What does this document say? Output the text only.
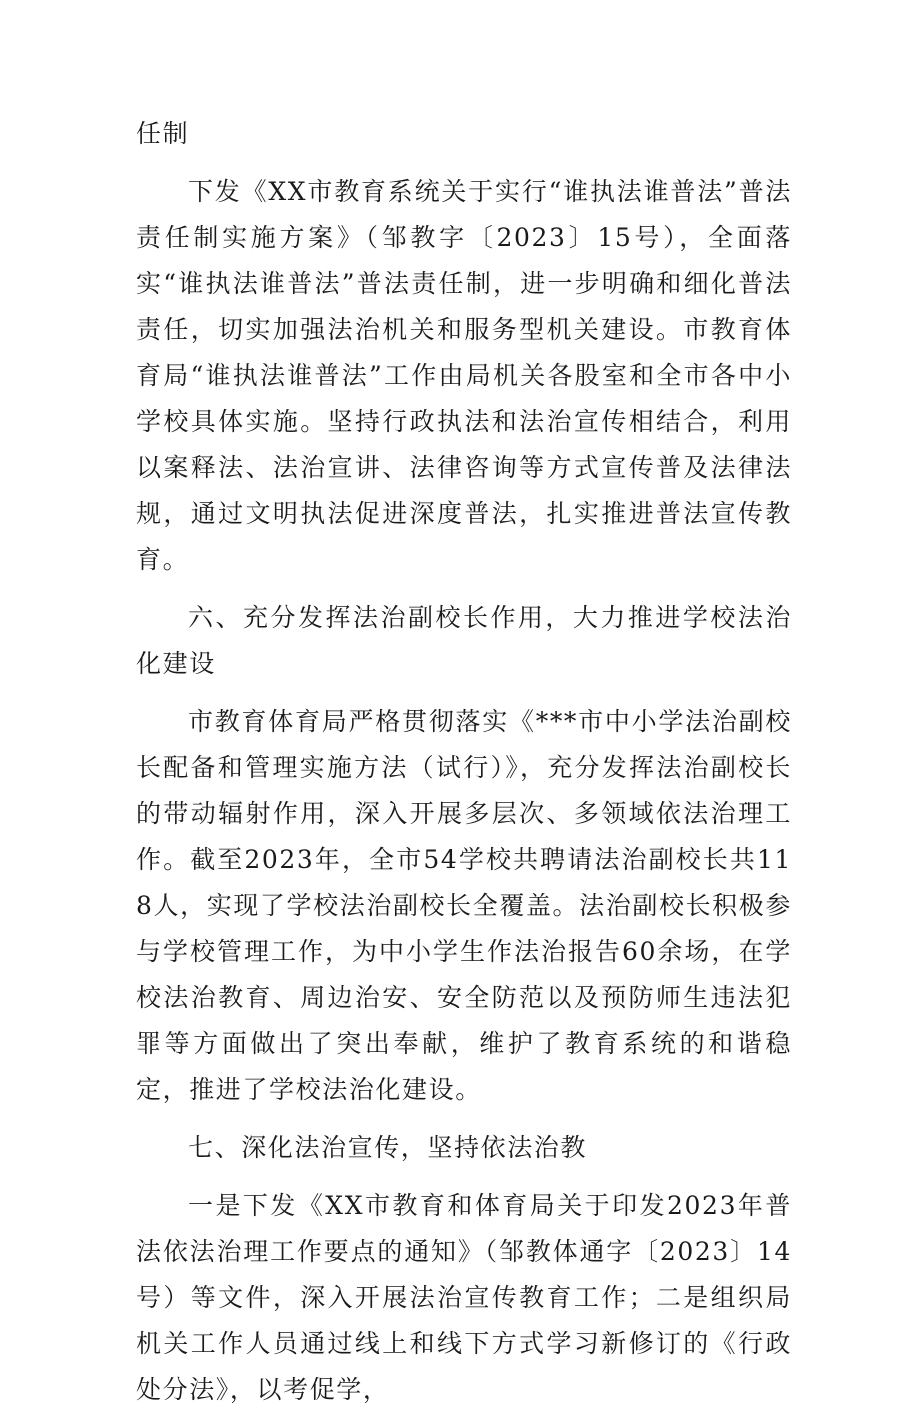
任制

下发《XX市教育系统关于实行“谁执法谁普法”普法责任制实施方案》（邹教字〔2023〕15号），全面落实“谁执法谁普法”普法责任制，进一步明确和细化普法责任，切实加强法治机关和服务型机关建设。市教育体育局“谁执法谁普法”工作由局机关各股室和全市各中小学校具体实施。坚持行政执法和法治宣传相结合，利用以案释法、法治宣讲、法律咨询等方式宣传普及法律法规，通过文明执法促进深度普法，扎实推进普法宣传教育。

六、充分发挥法治副校长作用，大力推进学校法治化建设

市教育体育局严格贯彻落实《***市中小学法治副校长配备和管理实施方法（试行）》，充分发挥法治副校长的带动辐射作用，深入开展多层次、多领域依法治理工作。截至2023年，全市54学校共聘请法治副校长共118人，实现了学校法治副校长全覆盖。法治副校长积极参与学校管理工作，为中小学生作法治报告60余场，在学校法治教育、周边治安、安全防范以及预防师生违法犯罪等方面做出了突出奉献，维护了教育系统的和谐稳定，推进了学校法治化建设。

七、深化法治宣传，坚持依法治教

一是下发《XX市教育和体育局关于印发2023年普法依法治理工作要点的通知》（邹教体通字〔2023〕14号）等文件，深入开展法治宣传教育工作；二是组织局机关工作人员通过线上和线下方式学习新修订的《行政处分法》，以考促学，
